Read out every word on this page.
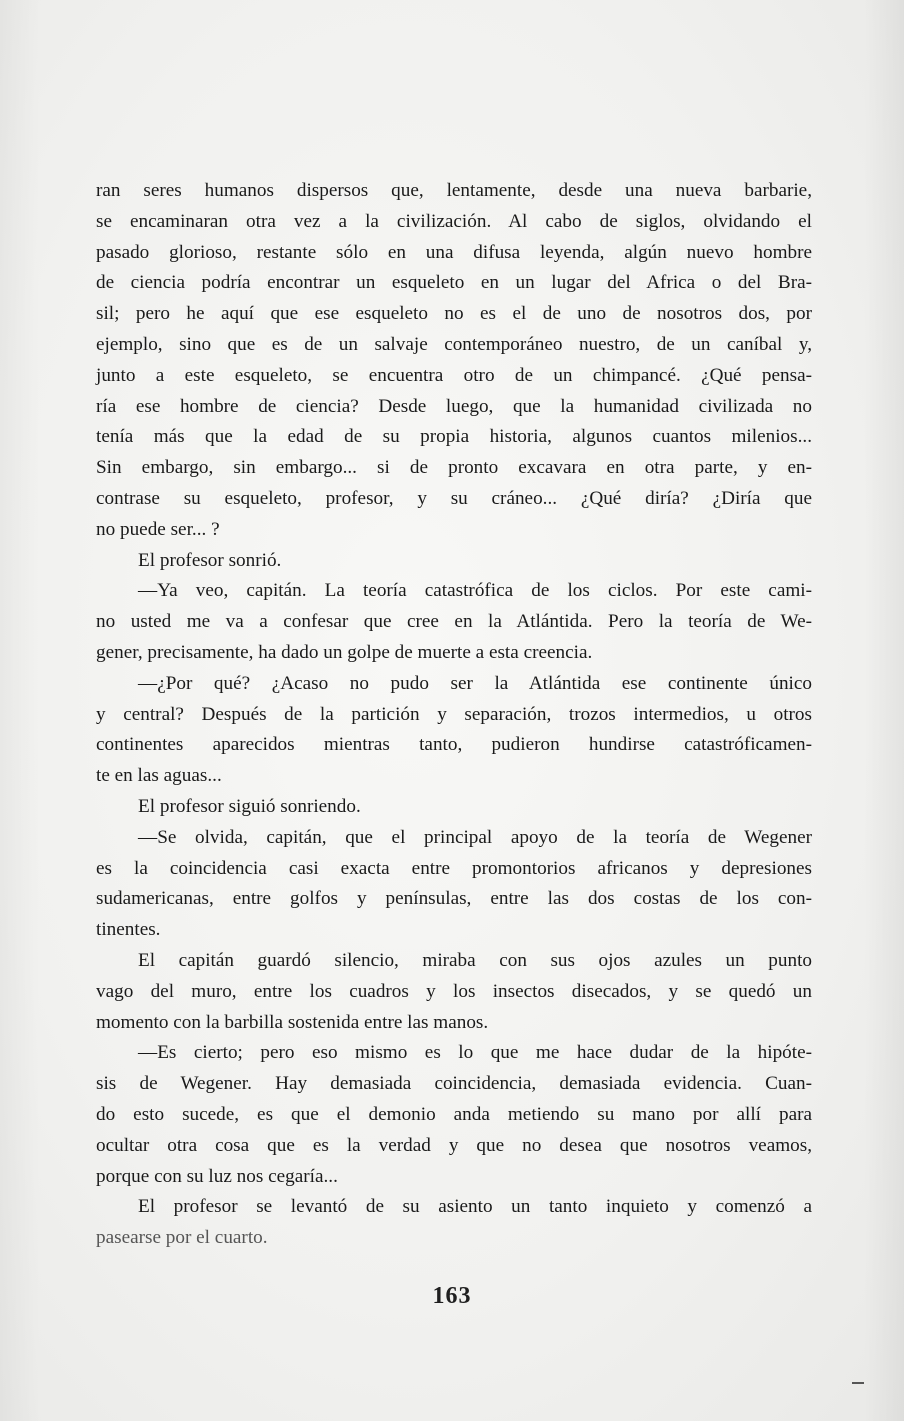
ran seres humanos dispersos que, lentamente, desde una nueva barbarie,

se encaminaran otra vez a la civilización. Al cabo de siglos, olvidando el

pasado glorioso, restante sólo en una difusa leyenda, algún nuevo hombre

de ciencia podría encontrar un esqueleto en un lugar del Africa o del Bra-

sil; pero he aquí que ese esqueleto no es el de uno de nosotros dos, por

ejemplo, sino que es de un salvaje contemporáneo nuestro, de un caníbal y,

junto a este esqueleto, se encuentra otro de un chimpancé. ¿Qué pensa-

ría ese hombre de ciencia? Desde luego, que la humanidad civilizada no

tenía más que la edad de su propia historia, algunos cuantos milenios...

Sin embargo, sin embargo... si de pronto excavara en otra parte, y en-

contrase su esqueleto, profesor, y su cráneo... ¿Qué diría? ¿Diría que

no puede ser... ?

El profesor sonrió.

—Ya veo, capitán. La teoría catastrófica de los ciclos. Por este cami-

no usted me va a confesar que cree en la Atlántida. Pero la teoría de We-

gener, precisamente, ha dado un golpe de muerte a esta creencia.

—¿Por qué? ¿Acaso no pudo ser la Atlántida ese continente único

y central? Después de la partición y separación, trozos intermedios, u otros

continentes aparecidos mientras tanto, pudieron hundirse catastróficamen-

te en las aguas...

El profesor siguió sonriendo.

—Se olvida, capitán, que el principal apoyo de la teoría de Wegener

es la coincidencia casi exacta entre promontorios africanos y depresiones

sudamericanas, entre golfos y penínsulas, entre las dos costas de los con-

tinentes.

El capitán guardó silencio, miraba con sus ojos azules un punto

vago del muro, entre los cuadros y los insectos disecados, y se quedó un

momento con la barbilla sostenida entre las manos.

—Es cierto; pero eso mismo es lo que me hace dudar de la hipóte-

sis de Wegener. Hay demasiada coincidencia, demasiada evidencia. Cuan-

do esto sucede, es que el demonio anda metiendo su mano por allí para

ocultar otra cosa que es la verdad y que no desea que nosotros veamos,

porque con su luz nos cegaría...

El profesor se levantó de su asiento un tanto inquieto y comenzó a

pasearse por el cuarto.

163
